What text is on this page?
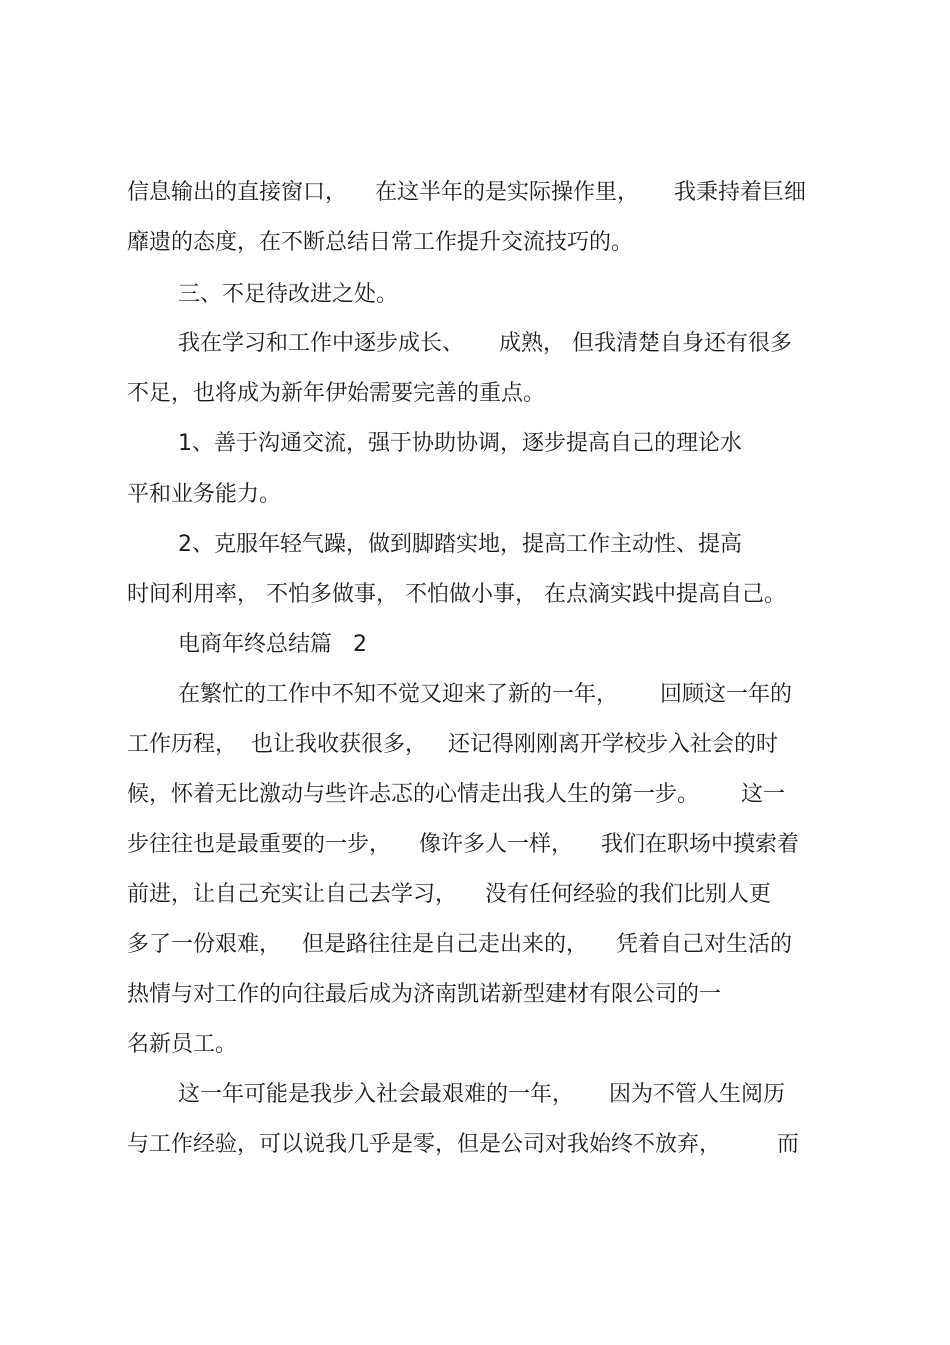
信息输出的直接窗口，    在这半年的是实际操作里，     我秉持着巨细
靡遗的态度，在不断总结日常工作提升交流技巧的。
三、不足待改进之处。
我在学习和工作中逐步成长、     成熟， 但我清楚自身还有很多
不足，也将成为新年伊始需要完善的重点。
1、善于沟通交流，强于协助协调，逐步提高自己的理论水
平和业务能力。
2、克服年轻气躁，做到脚踏实地，提高工作主动性、提高
时间利用率， 不怕多做事， 不怕做小事， 在点滴实践中提高自己。
电商年终总结篇   2
在繁忙的工作中不知不觉又迎来了新的一年，      回顾这一年的
工作历程，  也让我收获很多，   还记得刚刚离开学校步入社会的时
候，怀着无比激动与些许忐忑的心情走出我人生的第一步。      这一
步往往也是最重要的一步，    像许多人一样，    我们在职场中摸索着
前进，让自己充实让自己去学习，    没有任何经验的我们比别人更
多了一份艰难，   但是路往往是自己走出来的，    凭着自己对生活的
热情与对工作的向往最后成为济南凯诺新型建材有限公司的一
名新员工。
这一年可能是我步入社会最艰难的一年，     因为不管人生阅历
与工作经验，可以说我几乎是零，但是公司对我始终不放弃，        而
